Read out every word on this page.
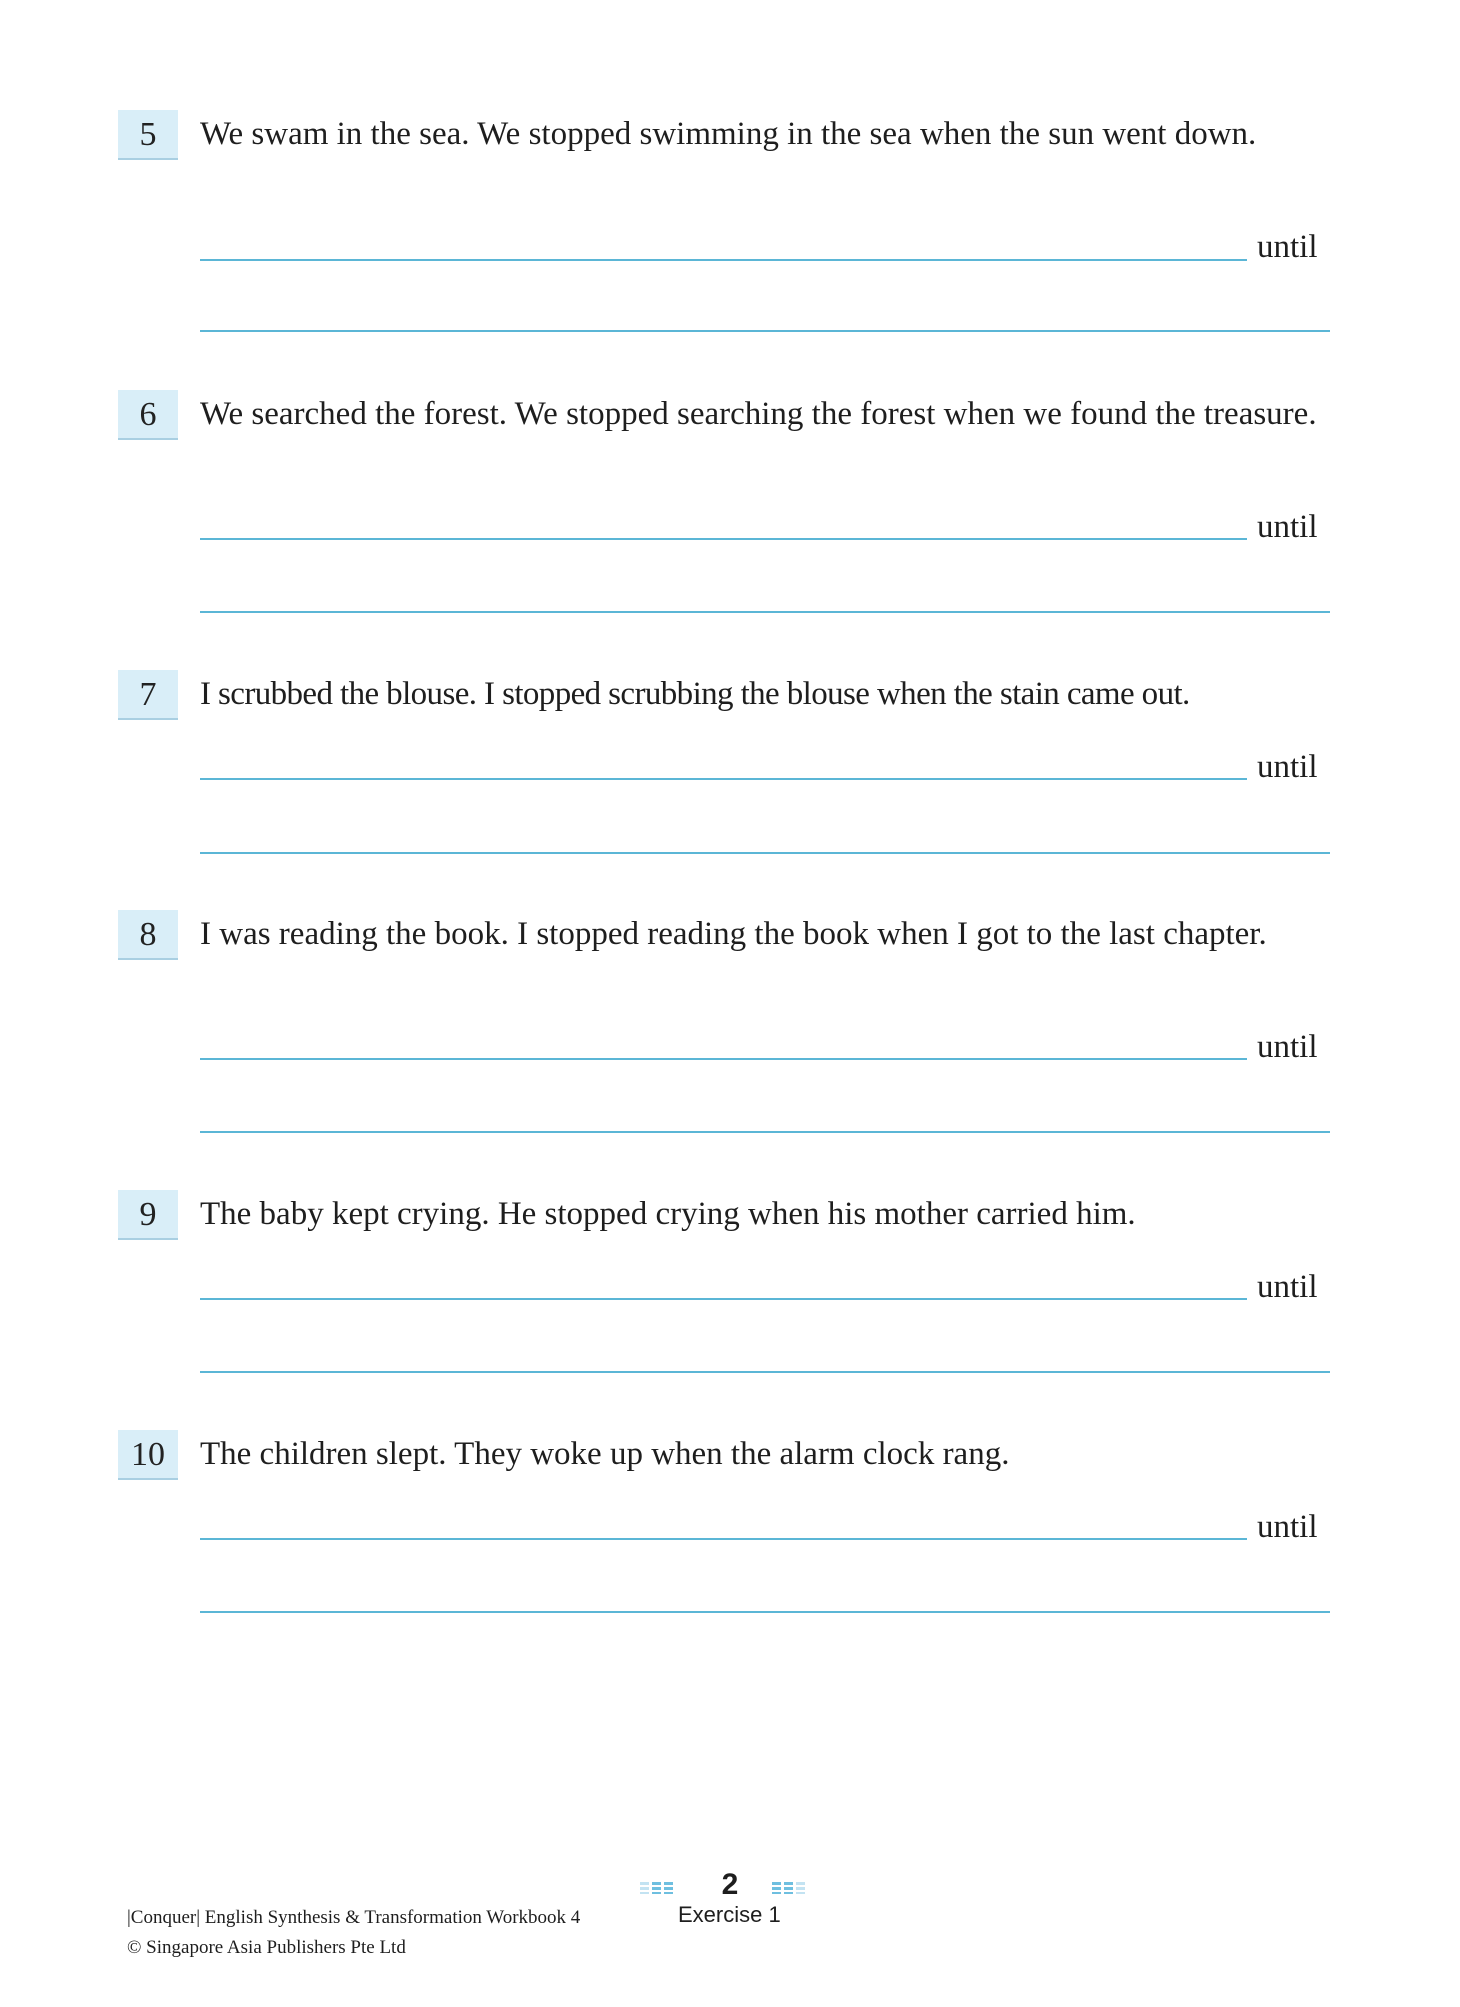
5	We swam in the sea. We stopped swimming in the sea when the sun went down.

until
6	We searched the forest. We stopped searching the forest when we found the treasure.

until
7	I scrubbed the blouse. I stopped scrubbing the blouse when the stain came out.

until
8	I was reading the book. I stopped reading the book when I got to the last chapter.

until
9	The baby kept crying. He stopped crying when his mother carried him.

until
10	The children slept. They woke up when the alarm clock rang.

until
2
Exercise 1
|Conquer| English Synthesis & Transformation Workbook 4
© Singapore Asia Publishers Pte Ltd
